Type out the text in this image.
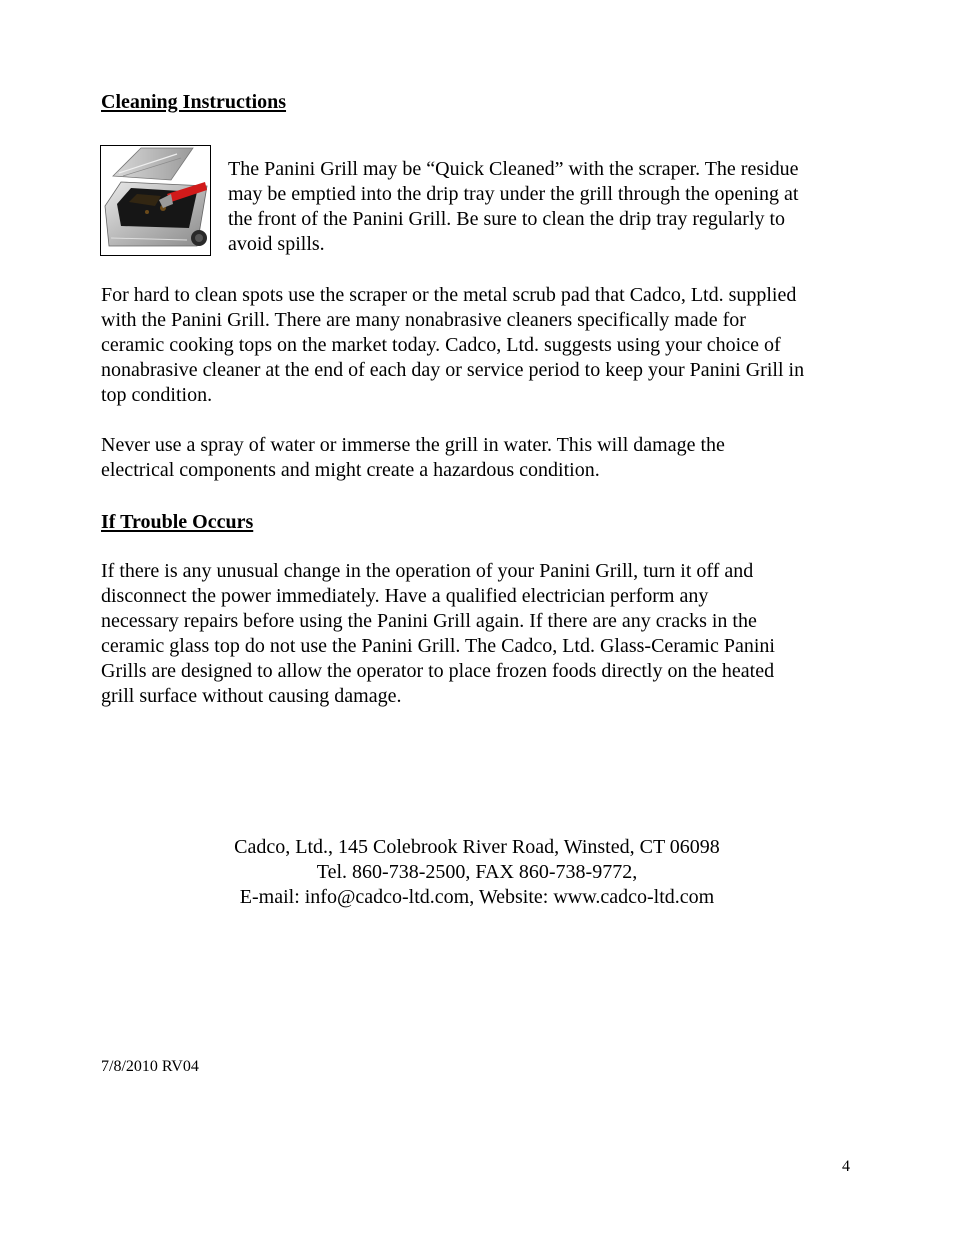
Cleaning Instructions
The Panini Grill may be “Quick Cleaned” with the scraper. The residue
may be emptied into the drip tray under the grill through the opening at
the front of the Panini Grill. Be sure to clean the drip tray regularly to
avoid spills.
For hard to clean spots use the scraper or the metal scrub pad that Cadco, Ltd. supplied
with the Panini Grill. There are many nonabrasive cleaners specifically made for
ceramic cooking tops on the market today. Cadco, Ltd. suggests using your choice of
nonabrasive cleaner at the end of each day or service period to keep your Panini Grill in
top condition.
Never use a spray of water or immerse the grill in water. This will damage the
electrical components and might create a hazardous condition.
If Trouble Occurs
If there is any unusual change in the operation of your Panini Grill, turn it off and
disconnect the power immediately. Have a qualified electrician perform any
necessary repairs before using the Panini Grill again. If there are any cracks in the
ceramic glass top do not use the Panini Grill. The Cadco, Ltd. Glass-Ceramic Panini
Grills are designed to allow the operator to place frozen foods directly on the heated
grill surface without causing damage.
Cadco, Ltd., 145 Colebrook River Road, Winsted, CT 06098
Tel. 860-738-2500, FAX 860-738-9772,
E-mail: info@cadco-ltd.com, Website: www.cadco-ltd.com
7/8/2010 RV04
4
